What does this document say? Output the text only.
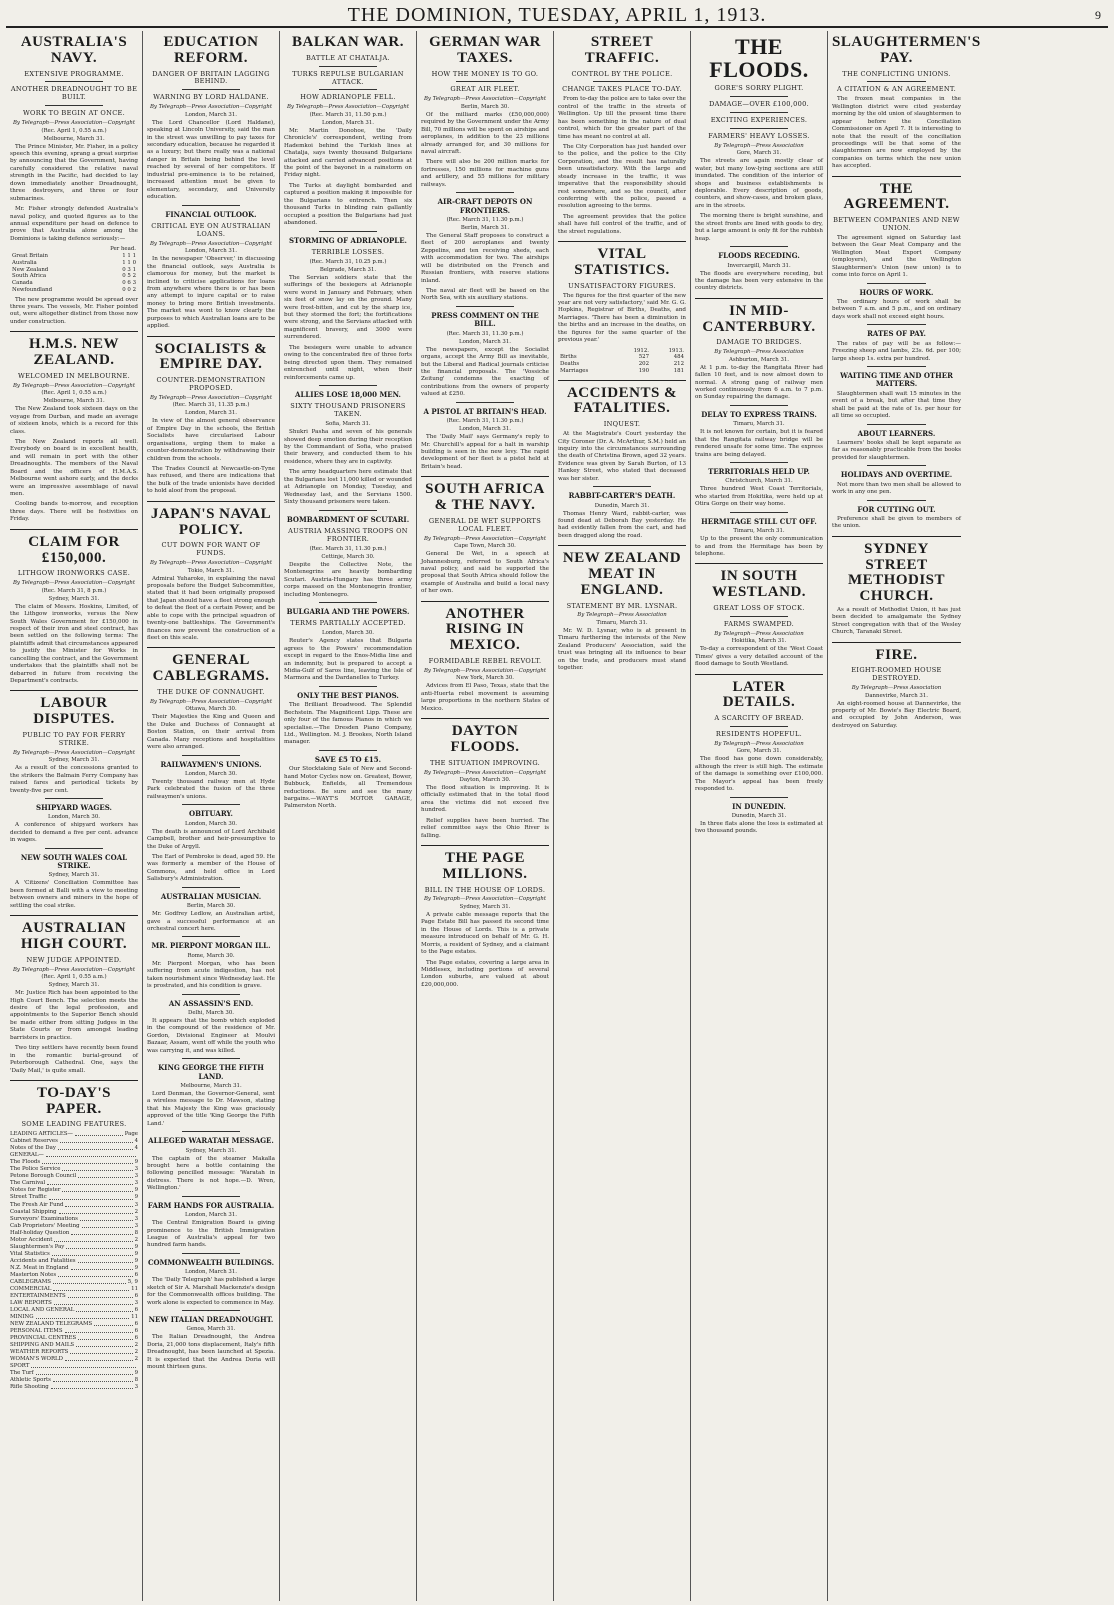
THE DOMINION, TUESDAY, APRIL 1, 1913.	9
AUSTRALIA'S NAVY.
EXTENSIVE PROGRAMME.
ANOTHER DREADNOUGHT TO BE BUILT.
WORK TO BEGIN AT ONCE.
By Telegraph—Press Association—Copyright
(Rec. April 1, 0.55 a.m.)
Melbourne, March 31.

The Prince Minister, Mr. Fisher, in a policy speech this evening, sprang a great surprise by announcing that the Government, having carefully considered the relative naval strength in the Pacific, had decided to lay down immediately another Dreadnought, three destroyers, and three or four submarines.

Mr. Fisher strongly defended Australia's naval policy, and quoted figures as to the annual expenditure per head on defence to prove that Australia alone among the Dominions is taking defence seriously:—

	Per head.
Great Britain	1 1 1
Australia	1 1 0
New Zealand	0 3 1
South Africa	0 5 2
Canada	0 6 3
Newfoundland	0 0 2

The new programme would be spread over three years. The vessels, Mr. Fisher pointed out, were altogether distinct from those now under construction.

H.M.S. NEW ZEALAND.
WELCOMED IN MELBOURNE.
By Telegraph—Press Association—Copyright
(Rec. April 1, 0.55 a.m.)
Melbourne, March 31.

The New Zealand took sixteen days on the voyage from Durban, and made an average of sixteen knots, which is a record for this class.

The New Zealand reports all well. Everybody on board is in excellent health, and will remain in port with the other Dreadnoughts. The members of the Naval Board and the officers of H.M.A.S. Melbourne went ashore early, and the decks were an impressive assemblage of naval men.

Cooling bands to-morrow, and reception three days. There will be festivities on Friday.

CLAIM FOR £150,000.
LITHGOW IRONWORKS CASE.
By Telegraph—Press Association—Copyright
(Rec. March 31, 8 p.m.)
Sydney, March 31.

The claim of Messrs. Hoskins, Limited, of the Lithgow ironworks, versus the New South Wales Government for £150,000 in respect of their iron and steel contract, has been settled on the following terms: The plaintiffs admit that circumstances appeared to justify the Minister for Works in cancelling the contract, and the Government undertakes that the plaintiffs shall not be debarred in future from receiving the Department's contracts.

LABOUR DISPUTES.
PUBLIC TO PAY FOR FERRY STRIKE.
By Telegraph—Press Association—Copyright
Sydney, March 31.

As a result of the concessions granted to the strikers the Balmain Ferry Company has raised fares and periodical tickets by twenty-five per cent.

SHIPYARD WAGES.
London, March 30.

A conference of shipyard workers has decided to demand a five per cent. advance in wages.

NEW SOUTH WALES COAL STRIKE.
Sydney, March 31.

A 'Citizens' Conciliation Committee has been formed at Balli with a view to meeting between owners and miners in the hope of settling the coal strike.

AUSTRALIAN HIGH COURT.
NEW JUDGE APPOINTED.
By Telegraph—Press Association—Copyright
(Rec. April 1, 0.55 a.m.)
Sydney, March 31.

Mr. Justice Rich has been appointed to the High Court Bench. The selection meets the desire of the legal profession, and appointments to the Superior Bench should be made either from sitting Judges in the State Courts or from amongst leading barristers in practice.

Two tiny settlers have recently been found in the romantic burial-ground of Peterborough Cathedral. One, says the 'Daily Mail,' is quite small.

TO-DAY'S PAPER.
SOME LEADING FEATURES.
LEADING ARTICLES—	Page
Cabinet Reserves	4
Notes of the Day	4
GENERAL—
The Floods	9
The Police Service	3
Petone Borough Council	3
The Carnival	3
Notes for Register	9
Street Traffic	9
The Fresh Air Fund	3
Coastal Shipping	2
Surveyors' Examinations	3
Cab Proprietors' Meeting	3
Half-holiday Question	8
Motor Accident	2
Slaughtermen's Pay	9
Vital Statistics	9
Accidents and Fatalities	9
N.Z. Meat in England	9
Masterton Notes	6
CABLEGRAMS	5, 9
COMMERCIAL	11
ENTERTAINMENTS	6
LAW REPORTS	3
LOCAL AND GENERAL	6
MINING	11
NEW ZEALAND TELEGRAMS	6
PERSONAL ITEMS	6
PROVINCIAL CENTRES	6
SHIPPING AND MAILS	2
WEATHER REPORTS	2
WOMAN'S WORLD	2
SPORT
The Turf	9
Athletic Sports	8
Rifle Shooting	3
EDUCATION REFORM.
DANGER OF BRITAIN LAGGING BEHIND.
WARNING BY LORD HALDANE.
By Telegraph—Press Association—Copyright
London, March 31.

The Lord Chancellor (Lord Haldane), speaking at Lincoln University, said the man in the street was unwilling to pay taxes for secondary education, because he regarded it as a luxury; but there really was a national danger in Britain being behind the level reached by several of her competitors. If industrial pre-eminence is to be retained, increased attention must be given to elementary, secondary, and University education.

FINANCIAL OUTLOOK.
CRITICAL EYE ON AUSTRALIAN LOANS.
By Telegraph—Press Association—Copyright
London, March 31.

In the newspaper 'Observer,' in discussing the financial outlook, says Australia is clamorous for money, but the market is inclined to criticise applications for loans from anywhere where there is or has been any attempt to injure capital or to raise money to bring more British investments. The market was wont to know clearly the purposes to which Australian loans are to be applied.

SOCIALISTS & EMPIRE DAY.
COUNTER-DEMONSTRATION PROPOSED.
By Telegraph—Press Association—Copyright
(Rec. March 31, 11.35 p.m.)
London, March 31.

In view of the almost general observance of Empire Day in the schools, the British Socialists have circularised Labour organisations, urging them to make a counter-demonstration by withdrawing their children from the schools.

The Trades Council at Newcastle-on-Tyne has refused, and there are indications that the bulk of the trade unionists have decided to hold aloof from the proposal.

JAPAN'S NAVAL POLICY.
CUT DOWN FOR WANT OF FUNDS.
By Telegraph—Press Association—Copyright
Tokio, March 31.

Admiral Yuharoke, in explaining the naval proposals before the Budget Subcommittee, stated that it had been originally proposed that Japan should have a fleet strong enough to defeat the fleet of a certain Power, and be able to cope with the principal squadron of twenty-one battleships. The Government's finances now prevent the construction of a fleet on this scale.

GENERAL CABLEGRAMS.
THE DUKE OF CONNAUGHT.
By Telegraph—Press Association—Copyright
Ottawa, March 30.

Their Majesties the King and Queen and the Duke and Duchess of Connaught at Boston Station, on their arrival from Canada. Many receptions and hospitalities were also arranged.

RAILWAYMEN'S UNIONS.
London, March 30.

Twenty thousand railway men at Hyde Park celebrated the fusion of the three railwaymen's unions.

OBITUARY.
London, March 30.

The death is announced of Lord Archibald Campbell, brother and heir-presumptive to the Duke of Argyll.

The Earl of Pembroke is dead, aged 59. He was formerly a member of the House of Commons, and held office in Lord Salisbury's Administration.

AUSTRALIAN MUSICIAN.
Berlin, March 30.

Mr. Godfrey Ledlow, an Australian artist, gave a successful performance at an orchestral concert here.

MR. PIERPONT MORGAN ILL.
Rome, March 30.

Mr. Pierpont Morgan, who has been suffering from acute indigestion, has not taken nourishment since Wednesday last. He is prostrated, and his condition is grave.

AN ASSASSIN'S END.
Delhi, March 30.

It appears that the bomb which exploded in the compound of the residence of Mr. Gordon, Divisional Engineer at Moulvi Bazaar, Assam, went off while the youth who was carrying it, and was killed.

KING GEORGE THE FIFTH LAND.
Melbourne, March 31.

Lord Denman, the Governor-General, sent a wireless message to Dr. Mawson, stating that his Majesty the King was graciously approved of the title 'King George the Fifth Land.'

ALLEGED WARATAH MESSAGE.
Sydney, March 31.

The captain of the steamer Makalla brought here a bottle containing the following pencilled message: 'Waratah in distress. There is not hope.—D. Wren, Wellington.'

FARM HANDS FOR AUSTRALIA.
London, March 31.

The Central Emigration Board is giving prominence to the British Immigration League of Australia's appeal for two hundred farm hands.

COMMONWEALTH BUILDINGS.
London, March 31.

The 'Daily Telegraph' has published a large sketch of Sir A. Marshall Mackenzie's design for the Commonwealth offices building. The work alone is expected to commence in May.

NEW ITALIAN DREADNOUGHT.
Genoa, March 31.

The Italian Dreadnought, the Andrea Doria, 21,000 tons displacement, Italy's fifth Dreadnought, has been launched at Spezia. It is expected that the Andrea Doria will mount thirteen guns.

BALKAN WAR.
BATTLE AT CHATALJA.
TURKS REPULSE BULGARIAN ATTACK.
HOW ADRIANOPLE FELL.
By Telegraph—Press Association—Copyright
(Rec. March 31, 11.50 p.m.)
London, March 31.

Mr. Martin Donohoe, the 'Daily Chronicle's' correspondent, writing from Hademkoi behind the Turkish lines at Chatalja, says twenty thousand Bulgarians attacked and carried advanced positions at the point of the bayonet in a rainstorm on Friday night.

The Turks at daylight bombarded and captured a position making it impossible for the Bulgarians to entrench. Then six thousand Turks in blinding rain gallantly occupied a position the Bulgarians had just abandoned.

STORMING OF ADRIANOPLE.
TERRIBLE LOSSES.
(Rec. March 31, 10.25 p.m.)
Belgrade, March 31.

The Servian soldiers state that the sufferings of the besiegers at Adrianople were worst in January and February, when six feet of snow lay on the ground. Many were frost-bitten, and cut by the sharp ice, but they stormed the fort; the fortifications were strong, and the Servians attacked with magnificent bravery, and 3000 were surrendered.

The besiegers were unable to advance owing to the concentrated fire of three forts being directed upon them. They remained entrenched until night, when their reinforcements came up.

ALLIES LOSE 18,000 MEN.
SIXTY THOUSAND PRISONERS TAKEN.
Sofia, March 31.

Shukri Pasha and seven of his generals showed deep emotion during their reception by the Commandant of Sofia, who praised their bravery, and conducted them to his residence, where they are in captivity.

The army headquarters here estimate that the Bulgarians lost 11,000 killed or wounded at Adrianople on Monday, Tuesday, and Wednesday last, and the Servians 1500. Sixty thousand prisoners were taken.

BOMBARDMENT OF SCUTARI.
AUSTRIA MASSING TROOPS ON FRONTIER.
(Rec. March 31, 11.30 p.m.)
Cettinje, March 30.

Despite the Collective Note, the Montenegrins are heavily bombarding Scutari. Austria-Hungary has three army corps massed on the Montenegrin frontier, including Montenegro.

BULGARIA AND THE POWERS.
TERMS PARTIALLY ACCEPTED.
London, March 30.

Reuter's Agency states that Bulgaria agrees to the Powers' recommendation except in regard to the Enos-Midia line and an indemnity, but is prepared to accept a Midia-Gulf of Saros line, leaving the Isle of Marmora and the Dardanelles to Turkey.

ONLY THE BEST PIANOS.

The Brilliant Broadwood. The Splendid Bechstein. The Magnificent Lipp. These are only four of the famous Pianos in which we specialise.—The Dresden Piano Company, Ltd., Wellington. M. J. Brookes, North Island manager.

SAVE £5 TO £15.

Our Stocktaking Sale of New and Second-hand Motor Cycles now on. Greatest, Bower, Bubbuck, Enfields, all Tremendous reductions. Be sure and see the many bargains.—WAYT'S MOTOR GARAGE, Palmerston North.

GERMAN WAR TAXES.
HOW THE MONEY IS TO GO.
GREAT AIR FLEET.
By Telegraph—Press Association—Copyright
Berlin, March 30.

Of the milliard marks (£50,000,000) required by the Government under the Army Bill, 70 millions will be spent on airships and aeroplanes, in addition to the 23 millions already arranged for, and 30 millions for naval aircraft.

There will also be 200 million marks for fortresses, 150 millions for machine guns and artillery, and 55 millions for military railways.

AIR-CRAFT DEPOTS ON FRONTIERS.
(Rec. March 31, 11.30 p.m.)
Berlin, March 31.

The General Staff proposes to construct a fleet of 200 aeroplanes and twenty Zeppelins, and ten receiving sheds, each with accommodation for two. The airships will be distributed on the French and Russian frontiers, with reserve stations inland.

The naval air fleet will be based on the North Sea, with six auxiliary stations.

PRESS COMMENT ON THE BILL.
(Rec. March 31, 11.30 p.m.)
London, March 31.

The newspapers, except the Socialist organs, accept the Army Bill as inevitable, but the Liberal and Radical journals criticise the financial proposals. The 'Vossiche Zeitung' condemns the exacting of contributions from the owners of property valued at £250.

A PISTOL AT BRITAIN'S HEAD.
(Rec. March 31, 11.30 p.m.)
London, March 31.

The 'Daily Mail' says Germany's reply to Mr. Churchill's appeal for a halt in warship building is seen in the new levy. The rapid development of her fleet is a pistol held at Britain's head.

SOUTH AFRICA & THE NAVY.
GENERAL DE WET SUPPORTS LOCAL FLEET.
By Telegraph—Press Association—Copyright
Cape Town, March 30.

General De Wet, in a speech at Johannesburg, referred to South Africa's naval policy, and said he supported the proposal that South Africa should follow the example of Australia and build a local navy of her own.

ANOTHER RISING IN MEXICO.
FORMIDABLE REBEL REVOLT.
By Telegraph—Press Association—Copyright
New York, March 30.

Advices from El Paso, Texas, state that the anti-Huerta rebel movement is assuming large proportions in the northern States of Mexico.

DAYTON FLOODS.
THE SITUATION IMPROVING.
By Telegraph—Press Association—Copyright
Dayton, March 30.

The flood situation is improving. It is officially estimated that in the total flood area the victims did not exceed five hundred.

Relief supplies have been hurried. The relief committee says the Ohio River is falling.

THE PAGE MILLIONS.
BILL IN THE HOUSE OF LORDS.
By Telegraph—Press Association—Copyright
Sydney, March 31.

A private cable message reports that the Page Estate Bill has passed its second time in the House of Lords. This is a private measure introduced on behalf of Mr. G. H. Morris, a resident of Sydney, and a claimant to the Page estates.

The Page estates, covering a large area in Middlesex, including portions of several London suburbs, are valued at about £20,000,000.

STREET TRAFFIC.
CONTROL BY THE POLICE.
CHANGE TAKES PLACE TO-DAY.

From to-day the police are to take over the control of the traffic in the streets of Wellington. Up till the present time there has been something in the nature of dual control, which for the greater part of the time has meant no control at all.

The City Corporation has just handed over to the police, and the police to the City Corporation, and the result has naturally been unsatisfactory. With the large and steady increase in the traffic, it was imperative that the responsibility should rest somewhere, and so the council, after conferring with the police, passed a resolution agreeing to the terms.

The agreement provides that the police shall have full control of the traffic, and of the street regulations.

VITAL STATISTICS.
UNSATISFACTORY FIGURES.

The figures for the first quarter of the new year are not very satisfactory,' said Mr. G. G. Hopkins, Registrar of Births, Deaths, and Marriages. 'There has been a diminution in the births and an increase in the deaths, on the figures for the same quarter of the previous year.'

	1912.	1913.
Births	527	484
Deaths	202	212
Marriages	190	181
ACCIDENTS & FATALITIES.
INQUEST.

At the Magistrate's Court yesterday the City Coroner (Dr. A. McArthur, S.M.) held an inquiry into the circumstances surrounding the death of Christina Brown, aged 32 years. Evidence was given by Sarah Burton, of 13 Hankey Street, who stated that deceased was her sister.

RABBIT-CARTER'S DEATH.
Dunedin, March 31.

Thomas Henry Ward, rabbit-carter, was found dead at Deborah Bay yesterday. He had evidently fallen from the cart, and had been dragged along the road.

NEW ZEALAND MEAT IN ENGLAND.
STATEMENT BY MR. LYSNAR.
By Telegraph—Press Association
Timaru, March 31.

Mr. W. D. Lysnar, who is at present in Timaru furthering the interests of the New Zealand Producers' Association, said the trust was bringing all its influence to bear on the trade, and producers must stand together.

THE FLOODS.
GORE'S SORRY PLIGHT.
DAMAGE—OVER £100,000.
EXCITING EXPERIENCES.
FARMERS' HEAVY LOSSES.
By Telegraph—Press Association
Gore, March 31.

The streets are again mostly clear of water, but many low-lying sections are still inundated. The condition of the interior of shops and business establishments is deplorable. Every description of goods, counters, and show-cases, and broken glass, are in the streets.

The morning there is bright sunshine, and the street fronts are lined with goods to dry, but a large amount is only fit for the rubbish heap.

FLOODS RECEDING.
Invercargill, March 31.

The floods are everywhere receding, but the damage has been very extensive in the country districts.

IN MID-CANTERBURY.
DAMAGE TO BRIDGES.
By Telegraph—Press Association
Ashburton, March 31.

At 1 p.m. to-day the Rangitata River had fallen 10 feet, and is now almost down to normal. A strong gang of railway men worked continuously from 6 a.m. to 7 p.m. on Sunday repairing the damage.

DELAY TO EXPRESS TRAINS.
Timaru, March 31.

It is not known for certain, but it is feared that the Rangitata railway bridge will be rendered unsafe for some time. The express trains are being delayed.

TERRITORIALS HELD UP.
Christchurch, March 31.

Three hundred West Coast Territorials, who started from Hokitika, were held up at Otira Gorge on their way home.

HERMITAGE STILL CUT OFF.
Timaru, March 31.

Up to the present the only communication to and from the Hermitage has been by telephone.

IN SOUTH WESTLAND.
GREAT LOSS OF STOCK.
FARMS SWAMPED.
By Telegraph—Press Association
Hokitika, March 31.

To-day a correspondent of the 'West Coast Times' gives a very detailed account of the flood damage to South Westland.

LATER DETAILS.
A SCARCITY OF BREAD.
RESIDENTS HOPEFUL.
By Telegraph—Press Association
Gore, March 31.

The flood has gone down considerably, although the river is still high. The estimate of the damage is something over £100,000. The Mayor's appeal has been freely responded to.

IN DUNEDIN.
Dunedin, March 31.

In three flats alone the loss is estimated at two thousand pounds.

SLAUGHTERMEN'S PAY.
THE CONFLICTING UNIONS.
A CITATION & AN AGREEMENT.

The frozen meat companies in the Wellington district were cited yesterday morning by the old union of slaughtermen to appear before the Conciliation Commissioner on April 7. It is interesting to note that the result of the conciliation proceedings will be that some of the slaughtermen are now employed by the companies on terms which the new union has accepted.

THE AGREEMENT.
BETWEEN COMPANIES AND NEW UNION.

The agreement signed on Saturday last between the Gear Meat Company and the Wellington Meat Export Company (employers), and the Wellington Slaughtermen's Union (new union) is to come into force on April 1.

HOURS OF WORK.

The ordinary hours of work shall be between 7 a.m. and 5 p.m., and on ordinary days work shall not exceed eight hours.

RATES OF PAY.

The rates of pay will be as follow:— Freezing sheep and lambs, 23s. 6d. per 100; large sheep 1s. extra per hundred.

WAITING TIME AND OTHER MATTERS.

Slaughtermen shall wait 15 minutes in the event of a break, but after that time they shall be paid at the rate of 1s. per hour for all time so occupied.

ABOUT LEARNERS.

Learners' books shall be kept separate as far as reasonably practicable from the books provided for slaughtermen.

HOLIDAYS AND OVERTIME.

Not more than two men shall be allowed to work in any one pen.

FOR CUTTING OUT.

Preference shall be given to members of the union.

SYDNEY STREET METHODIST CHURCH.

As a result of Methodist Union, it has just been decided to amalgamate the Sydney Street congregation with that of the Wesley Church, Taranaki Street.

FIRE.
EIGHT-ROOMED HOUSE DESTROYED.
By Telegraph—Press Association
Dannevirke, March 31.

An eight-roomed house at Dannevirke, the property of Mr. Bowie's Bay Electric Board, and occupied by John Anderson, was destroyed on Saturday.
